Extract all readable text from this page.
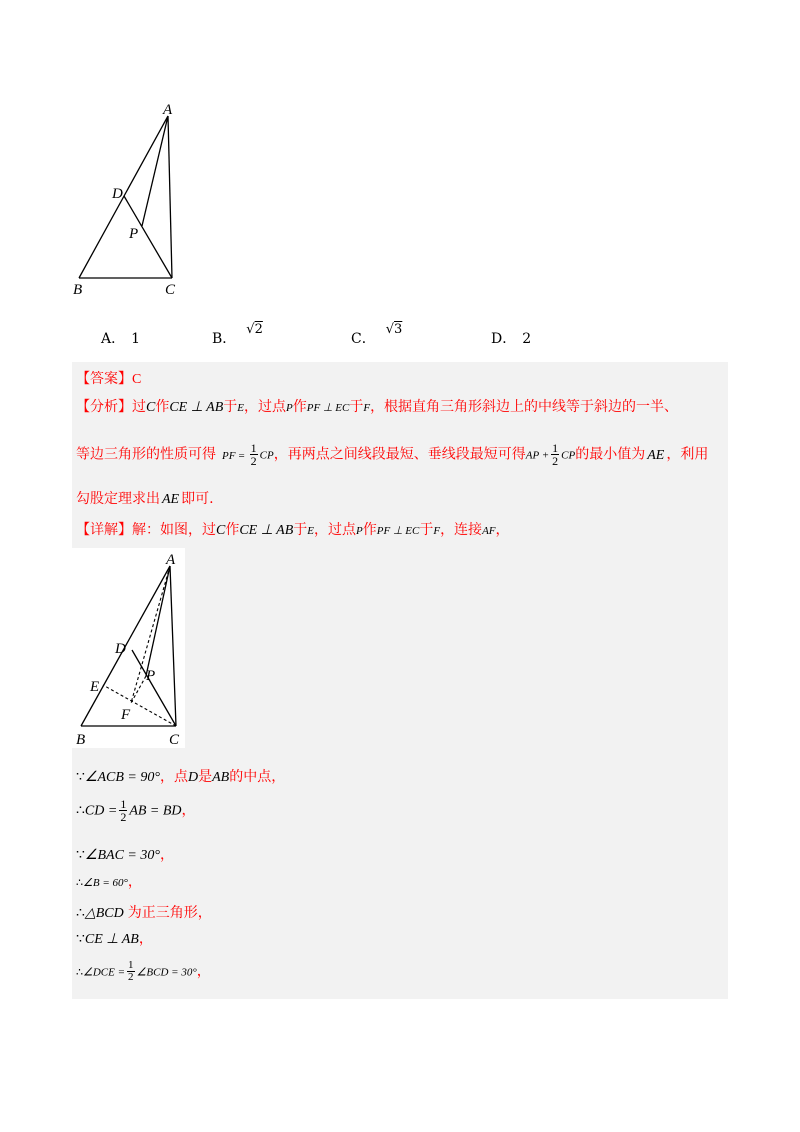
A
D
P
B	C
A． 1	B．√2
C．√3
D． 2
【答案】C
【分析】过C作CE ⊥ AB于E，过点P作PF ⊥ EC于F，根据直角三角形斜边上的中线等于斜边的一半、
等边三角形的性质可得 PF = $\frac{1}{2}$ CP，再两点之间线段最短、垂线段最短可得AP + $\frac{1}{2}$ CP的最小值为 AE ，利用
勾股定理求出 AE 即可.
【详解】解：如图，过C作CE ⊥ AB于E，过点P作PF ⊥ EC于F，连接AF，
A
D
P
E
F
B	C
∵∠ACB = 90°，点D是AB的中点，
∴CD = $\frac{1}{2}$ AB = BD，
∵∠BAC = 30°，
∴∠B = 60°，
∴△BCD 为正三角形，
∵CE ⊥ AB，
∴∠DCE = $\frac{1}{2}$ ∠BCD = 30°，
